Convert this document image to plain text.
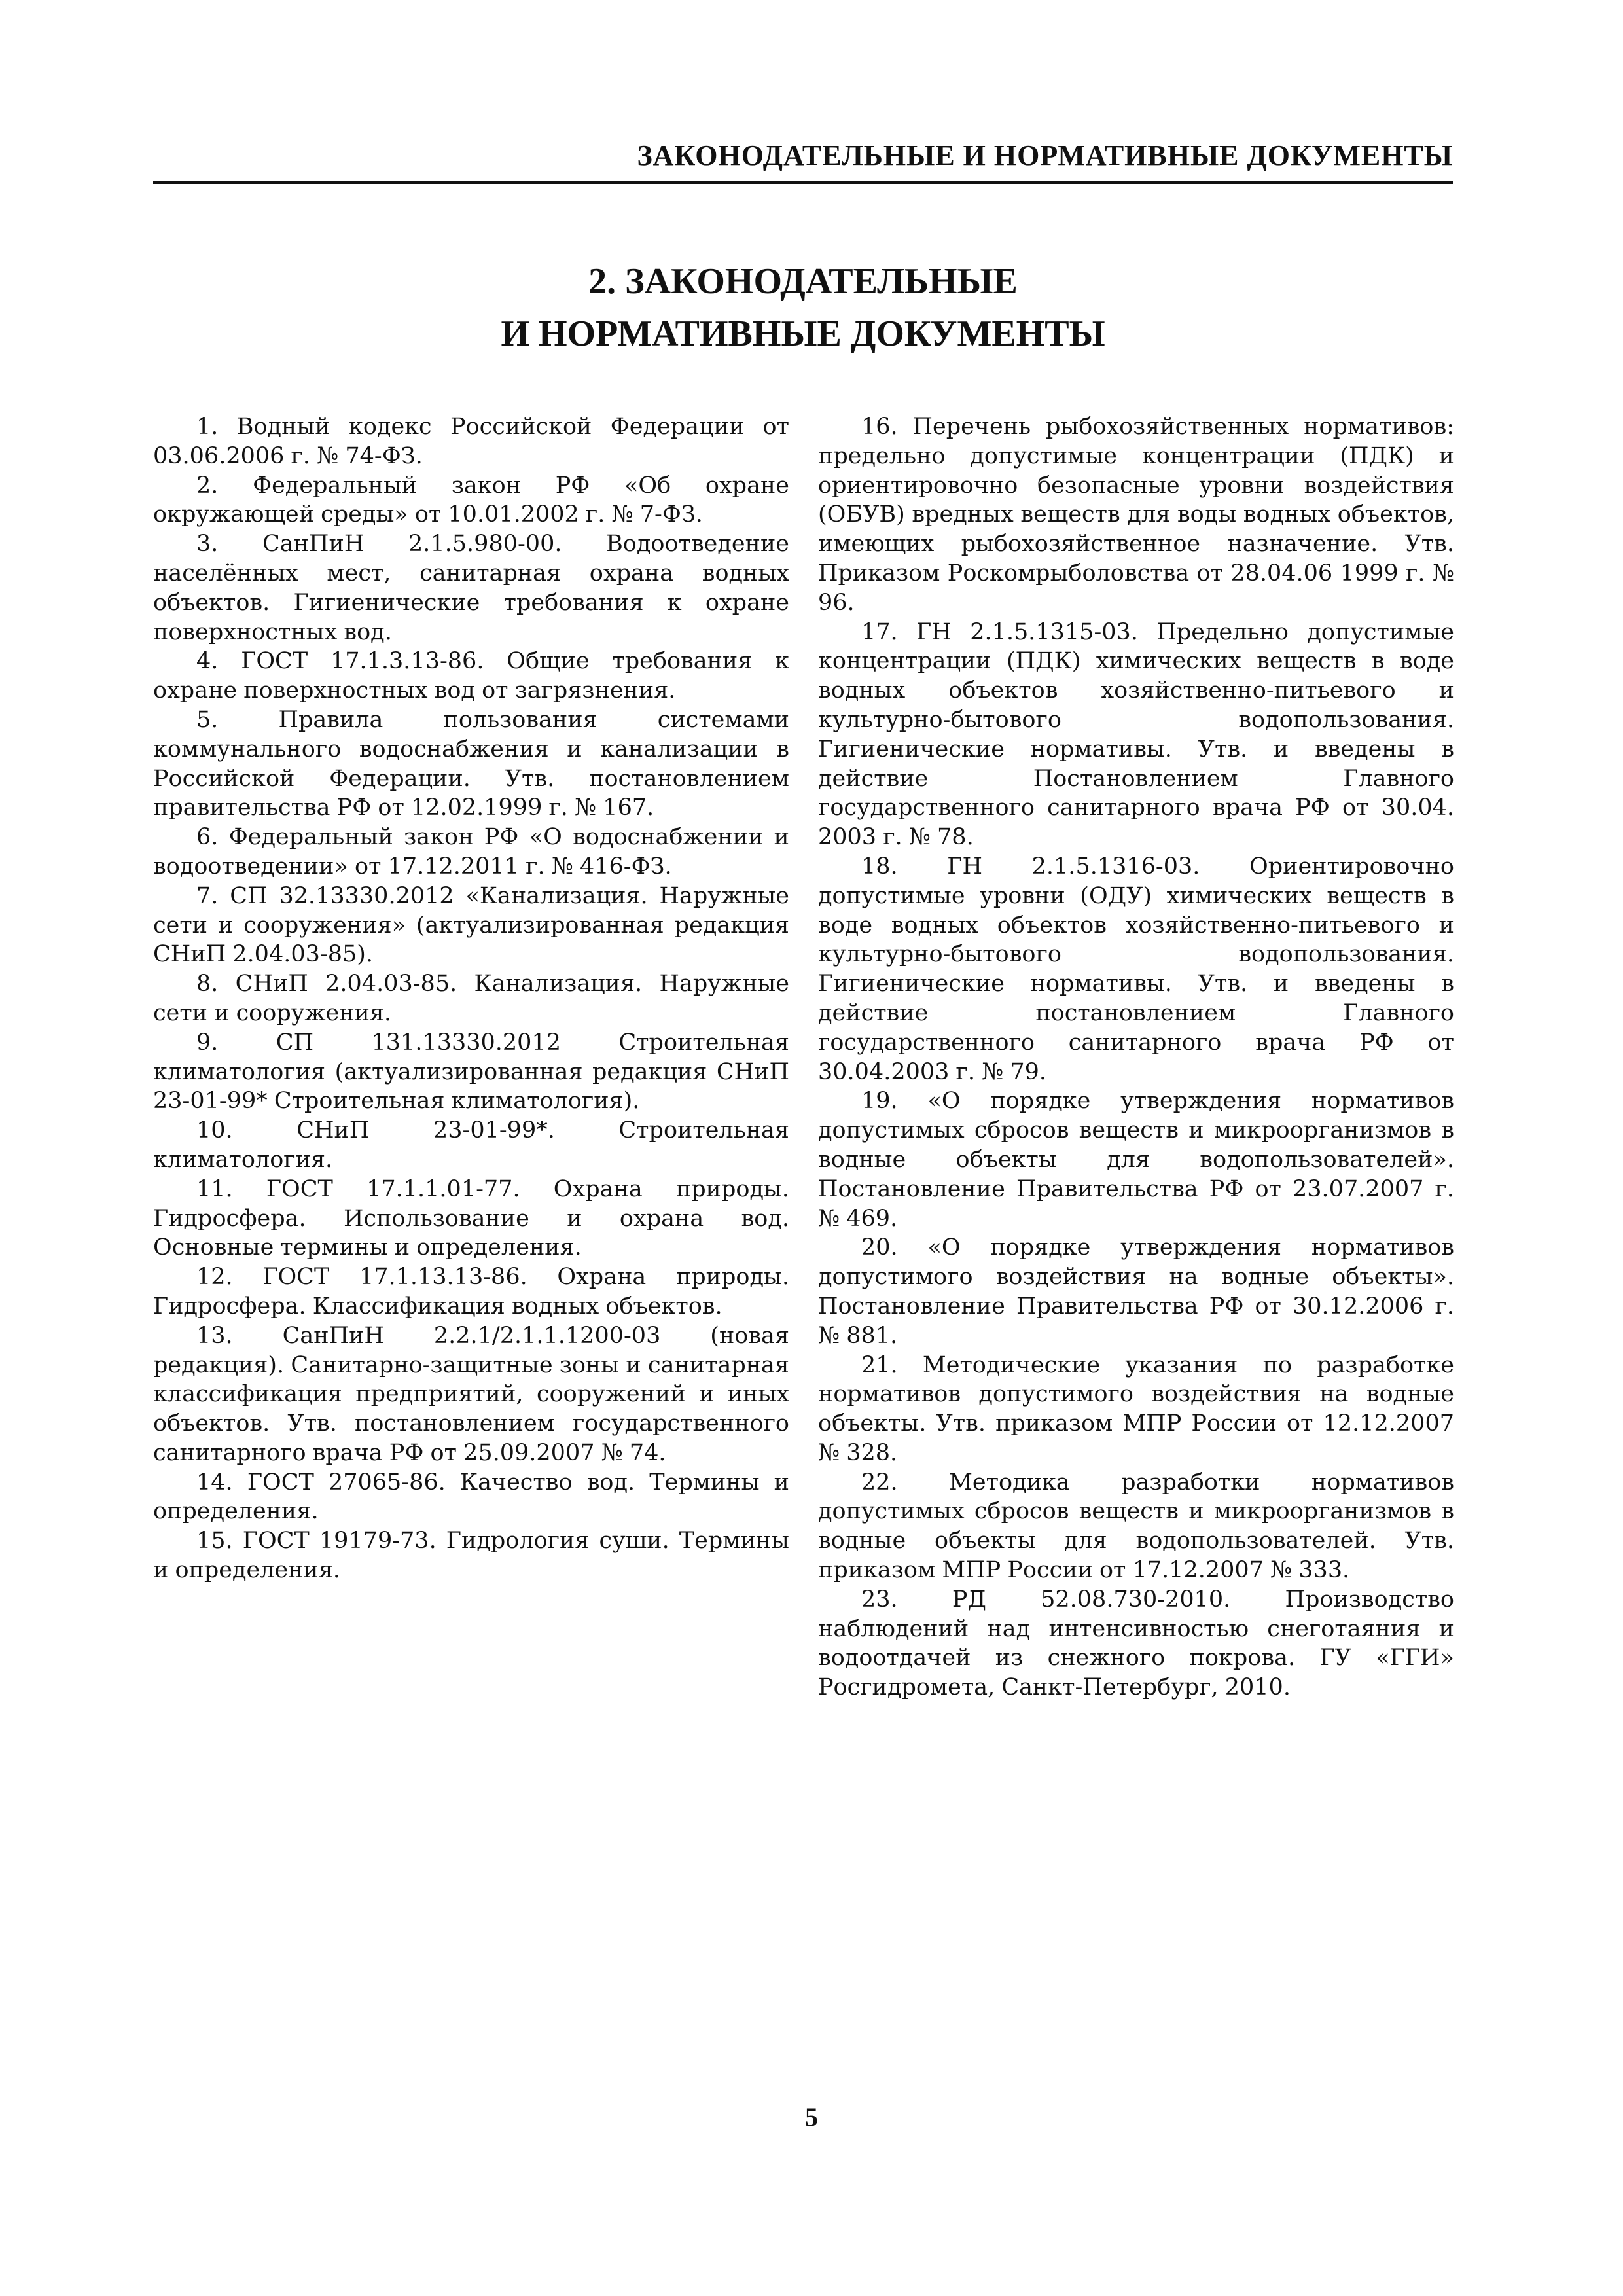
ЗАКОНОДАТЕЛЬНЫЕ И НОРМАТИВНЫЕ ДОКУМЕНТЫ
2. ЗАКОНОДАТЕЛЬНЫЕ
И НОРМАТИВНЫЕ ДОКУМЕНТЫ
1. Водный кодекс Российской Федерации от 03.06.2006 г. № 74-ФЗ.
2. Федеральный закон РФ «Об охране окружающей среды» от 10.01.2002 г. № 7-ФЗ.
3. СанПиН 2.1.5.980-00. Водоотведение населённых мест, санитарная охрана водных объектов. Гигиенические требования к охране поверхностных вод.
4. ГОСТ 17.1.3.13-86. Общие требования к охране поверхностных вод от загрязнения.
5. Правила пользования системами коммунального водоснабжения и канализации в Российской Федерации. Утв. постановлением правительства РФ от 12.02.1999 г. № 167.
6. Федеральный закон РФ «О водоснабжении и водоотведении» от 17.12.2011 г. № 416-ФЗ.
7. СП 32.13330.2012 «Канализация. Наружные сети и сооружения» (актуализированная редакция СНиП 2.04.03-85).
8. СНиП 2.04.03-85. Канализация. Наружные сети и сооружения.
9. СП 131.13330.2012 Строительная климатология (актуализированная редакция СНиП 23-01-99* Строительная климатология).
10. СНиП 23-01-99*. Строительная климатология.
11. ГОСТ 17.1.1.01-77. Охрана природы. Гидросфера. Использование и охрана вод. Основные термины и определения.
12. ГОСТ 17.1.13.13-86. Охрана природы. Гидросфера. Классификация водных объектов.
13. СанПиН 2.2.1/2.1.1.1200-03 (новая редакция). Санитарно-защитные зоны и санитарная классификация предприятий, сооружений и иных объектов. Утв. постановлением государственного санитарного врача РФ от 25.09.2007 № 74.
14. ГОСТ 27065-86. Качество вод. Термины и определения.
15. ГОСТ 19179-73. Гидрология суши. Термины и определения.
16. Перечень рыбохозяйственных нормативов: предельно допустимые концентрации (ПДК) и ориентировочно безопасные уровни воздействия (ОБУВ) вредных веществ для воды водных объектов, имеющих рыбохозяйственное назначение. Утв. Приказом Роскомрыболовства от 28.04.06 1999 г. № 96.
17. ГН 2.1.5.1315-03. Предельно допустимые концентрации (ПДК) химических веществ в воде водных объектов хозяйственно-питьевого и культурно-бытового водопользования. Гигиенические нормативы. Утв. и введены в действие Постановлением Главного государственного санитарного врача РФ от 30.04. 2003 г. № 78.
18. ГН 2.1.5.1316-03. Ориентировочно допустимые уровни (ОДУ) химических веществ в воде водных объектов хозяйственно-питьевого и культурно-бытового водопользования. Гигиенические нормативы. Утв. и введены в действие постановлением Главного государственного санитарного врача РФ от 30.04.2003 г. № 79.
19. «О порядке утверждения нормативов допустимых сбросов веществ и микроорганизмов в водные объекты для водопользователей». Постановление Правительства РФ от 23.07.2007 г. № 469.
20. «О порядке утверждения нормативов допустимого воздействия на водные объекты». Постановление Правительства РФ от 30.12.2006 г. № 881.
21. Методические указания по разработке нормативов допустимого воздействия на водные объекты. Утв. приказом МПР России от 12.12.2007 № 328.
22. Методика разработки нормативов допустимых сбросов веществ и микроорганизмов в водные объекты для водопользователей. Утв. приказом МПР России от 17.12.2007 № 333.
23. РД 52.08.730-2010. Производство наблюдений над интенсивностью снеготаяния и водоотдачей из снежного покрова. ГУ «ГГИ» Росгидромета, Санкт-Петербург, 2010.
5
